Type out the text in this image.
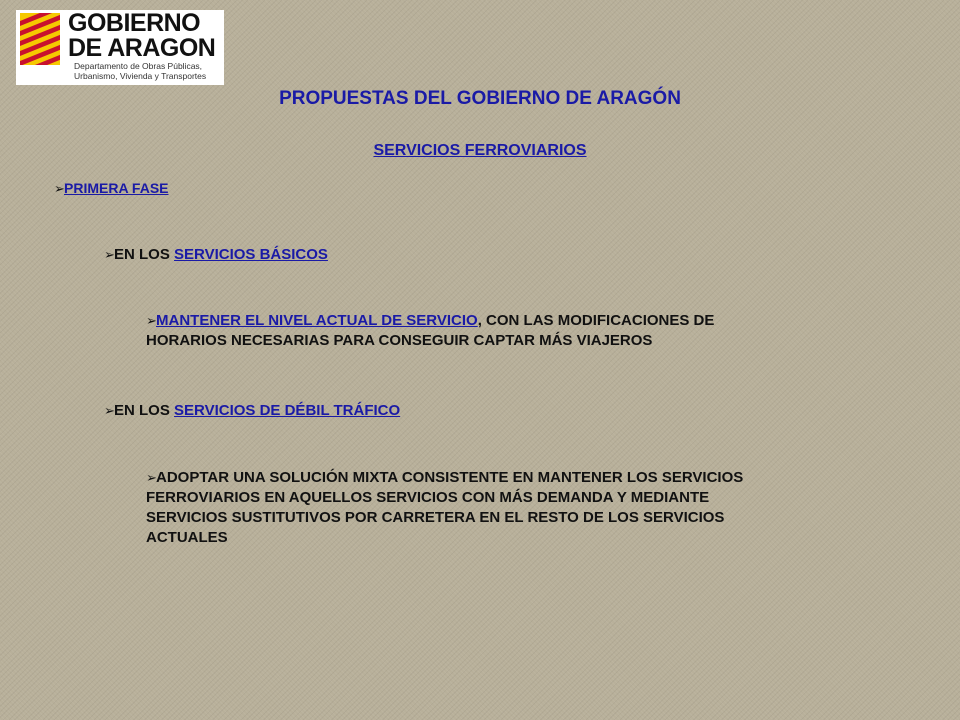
GOBIERNO
DE ARAGON
Departamento de Obras Públicas,
Urbanismo, Vivienda y Transportes
PROPUESTAS DEL GOBIERNO DE ARAGÓN
SERVICIOS FERROVIARIOS
➢PRIMERA FASE
➢EN LOS SERVICIOS BÁSICOS
➢MANTENER EL NIVEL ACTUAL DE SERVICIO, CON LAS MODIFICACIONES DE
HORARIOS NECESARIAS PARA CONSEGUIR CAPTAR MÁS VIAJEROS
➢EN LOS SERVICIOS DE DÉBIL TRÁFICO
➢ADOPTAR UNA SOLUCIÓN MIXTA CONSISTENTE EN MANTENER LOS SERVICIOS
FERROVIARIOS EN AQUELLOS SERVICIOS CON MÁS DEMANDA Y MEDIANTE
SERVICIOS SUSTITUTIVOS POR CARRETERA EN EL RESTO DE LOS SERVICIOS
ACTUALES
